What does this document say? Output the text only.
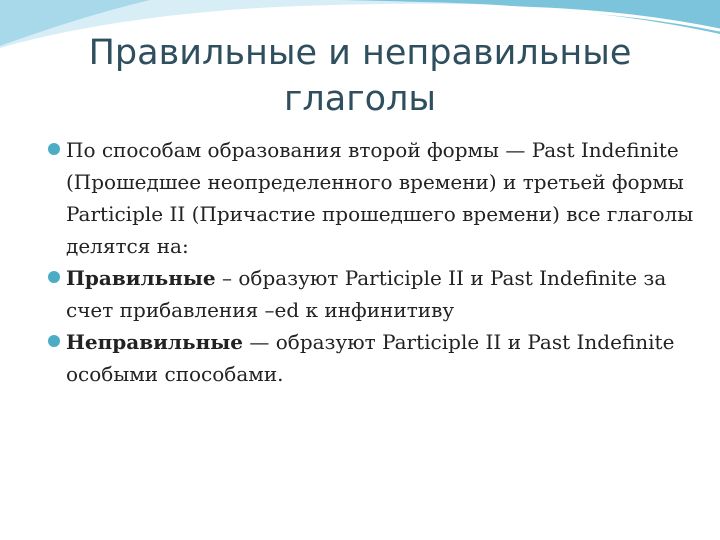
Правильные и неправильные глаголы
По способам образования второй формы — Past Indefinite (Прошедшее неопределенного времени) и третьей формы Participle II (Причастие прошедшего времени) все глаголы делятся на:
Правильные – образуют Participle II и Past Indefinite за счет прибавления –ed к инфинитиву
Неправильные — образуют Participle II и Past Indefinite особыми способами.
